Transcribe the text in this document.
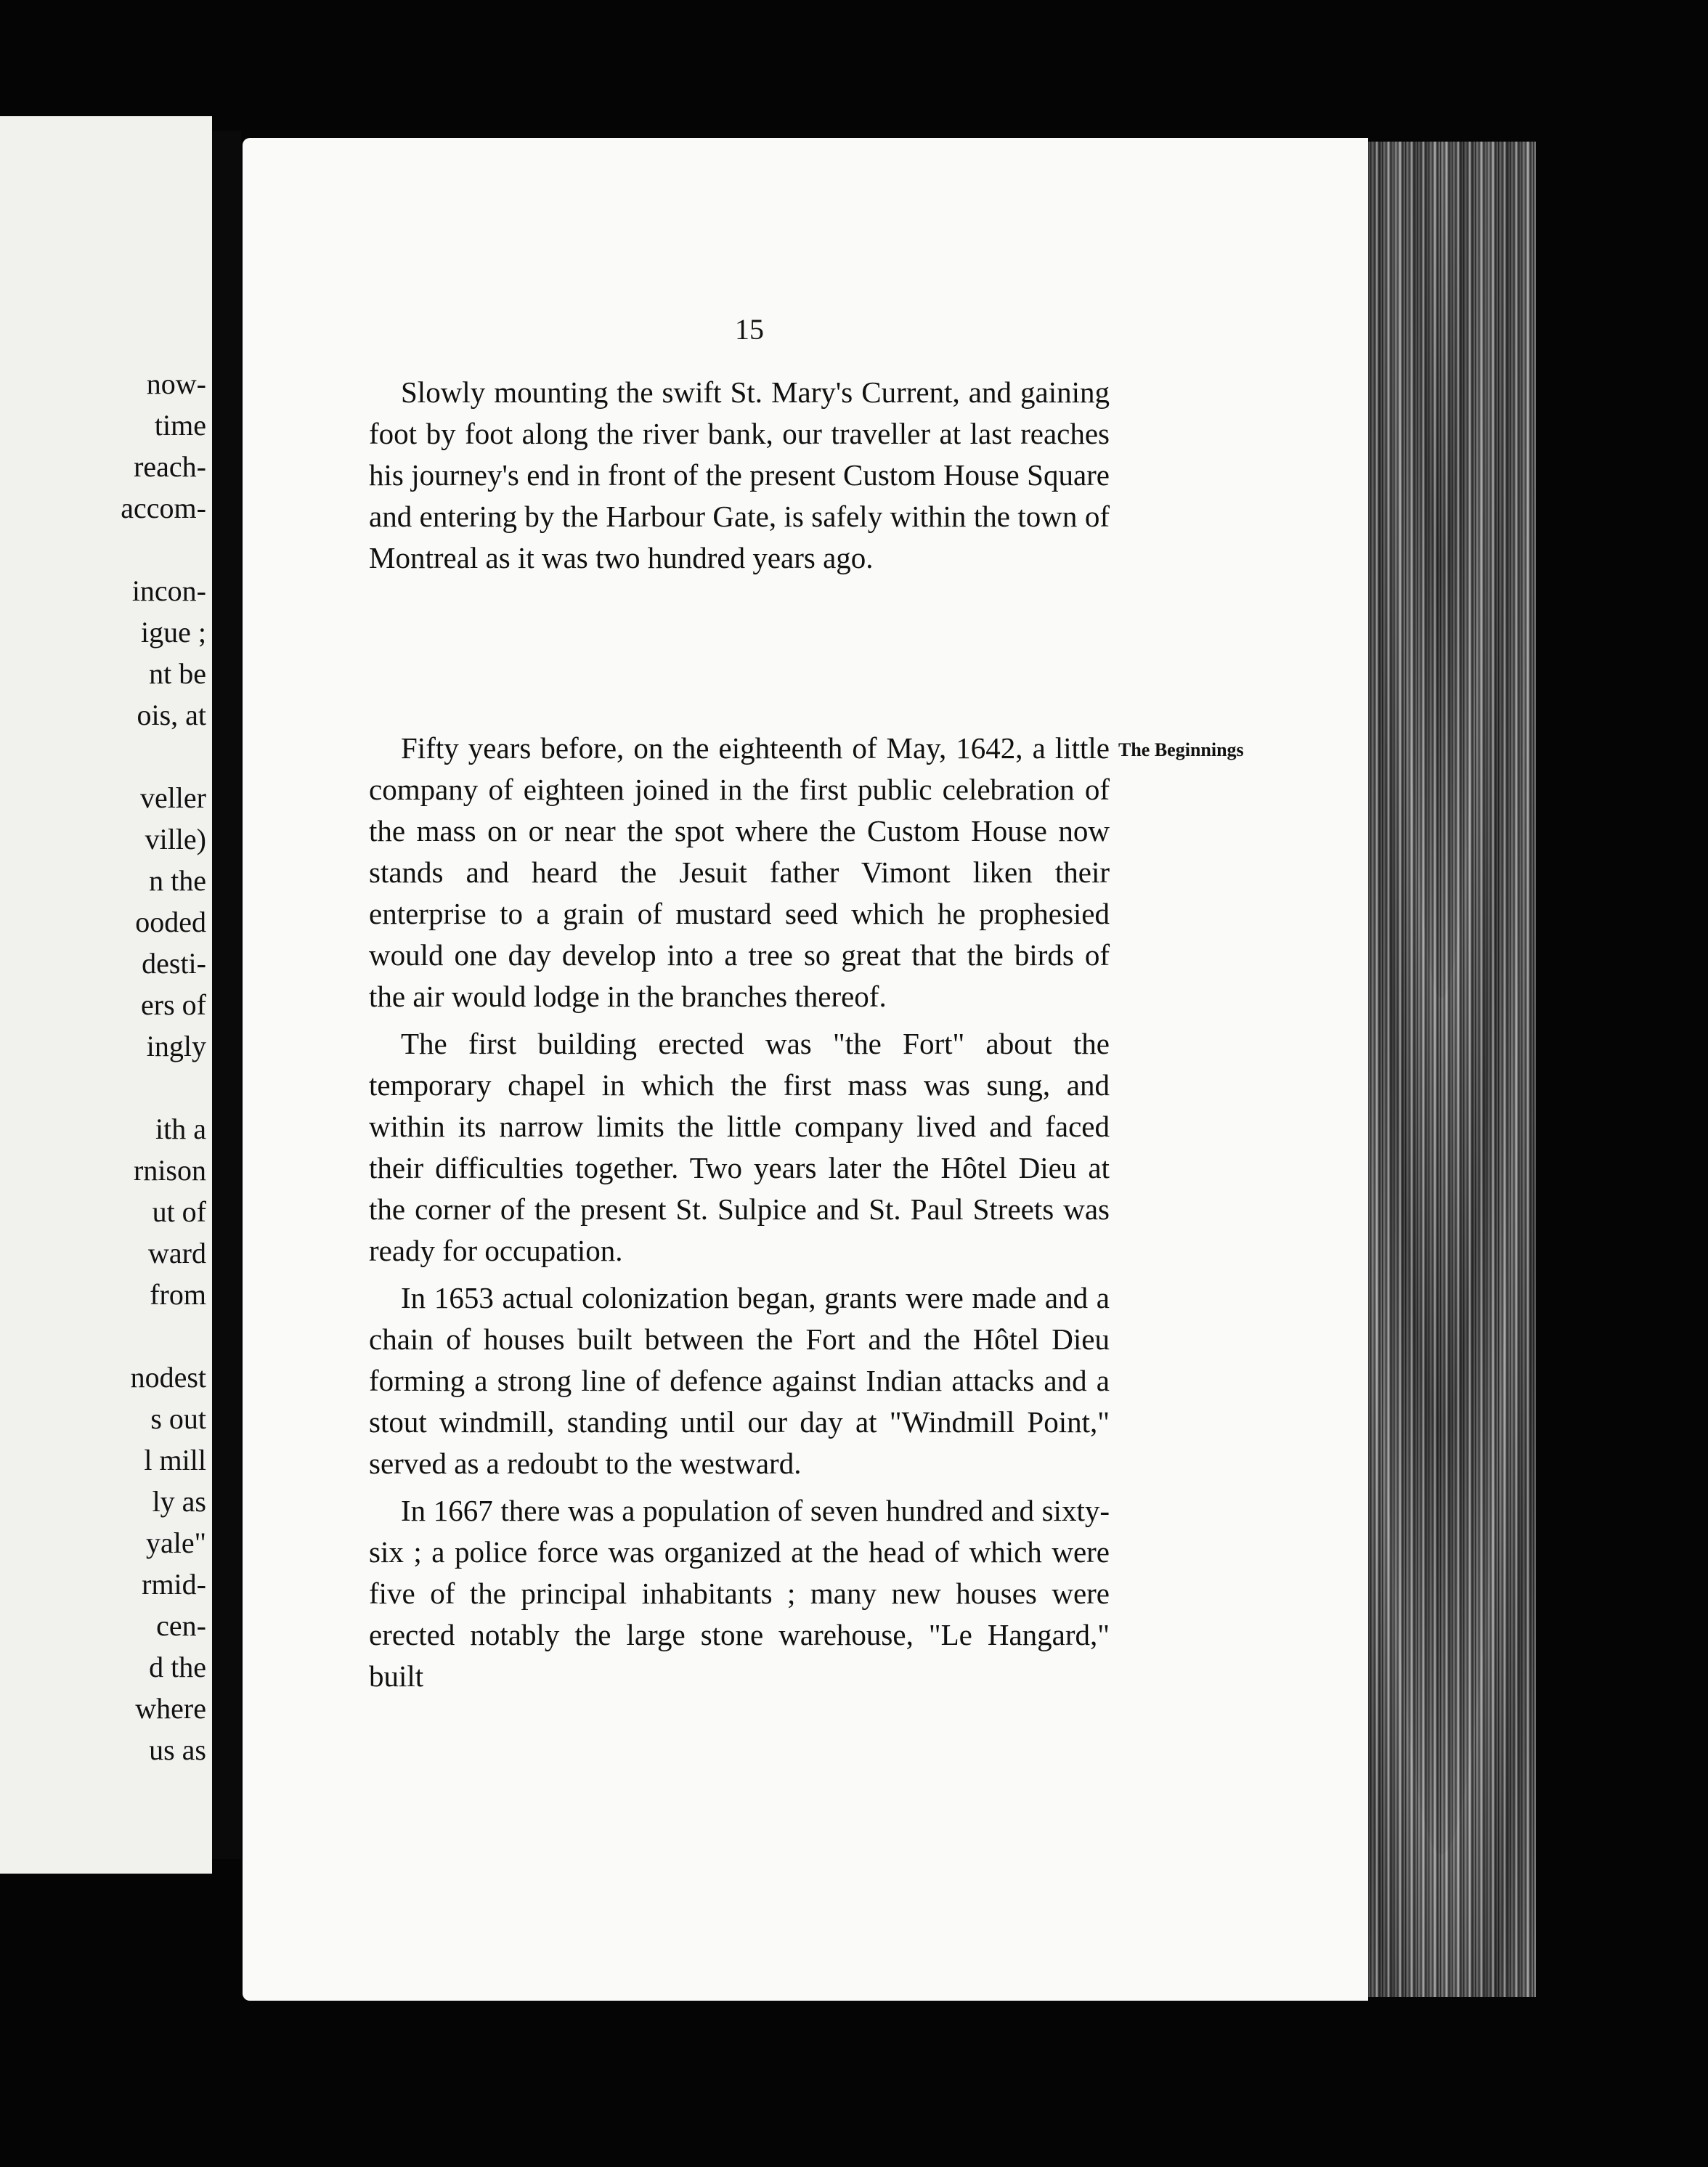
now-
time
reach-
accom-

incon-
igue ;
nt be
ois, at

veller
ville)
n the
ooded
desti-
ers of
ingly

ith a
rnison
ut of
ward
from

nodest
s out
l mill
ly as
yale"
rmid-
cen-
d the
where
us as
15

Slowly mounting the swift St. Mary's Current, and gaining foot by foot along the river bank, our traveller at last reaches his journey's end in front of the present Custom House Square and entering by the Harbour Gate, is safely within the town of Montreal as it was two hundred years ago.

The Beginnings

Fifty years before, on the eighteenth of May, 1642, a little company of eighteen joined in the first public celebration of the mass on or near the spot where the Custom House now stands and heard the Jesuit father Vimont liken their enterprise to a grain of mustard seed which he prophesied would one day develop into a tree so great that the birds of the air would lodge in the branches thereof.

The first building erected was "the Fort" about the temporary chapel in which the first mass was sung, and within its narrow limits the little company lived and faced their difficulties together. Two years later the Hôtel Dieu at the corner of the present St. Sulpice and St. Paul Streets was ready for occupation.

In 1653 actual colonization began, grants were made and a chain of houses built between the Fort and the Hôtel Dieu forming a strong line of defence against Indian attacks and a stout windmill, standing until our day at "Windmill Point," served as a redoubt to the westward.

In 1667 there was a population of seven hundred and sixty-six ; a police force was organized at the head of which were five of the principal inhabitants ; many new houses were erected notably the large stone warehouse, "Le Hangard," built
